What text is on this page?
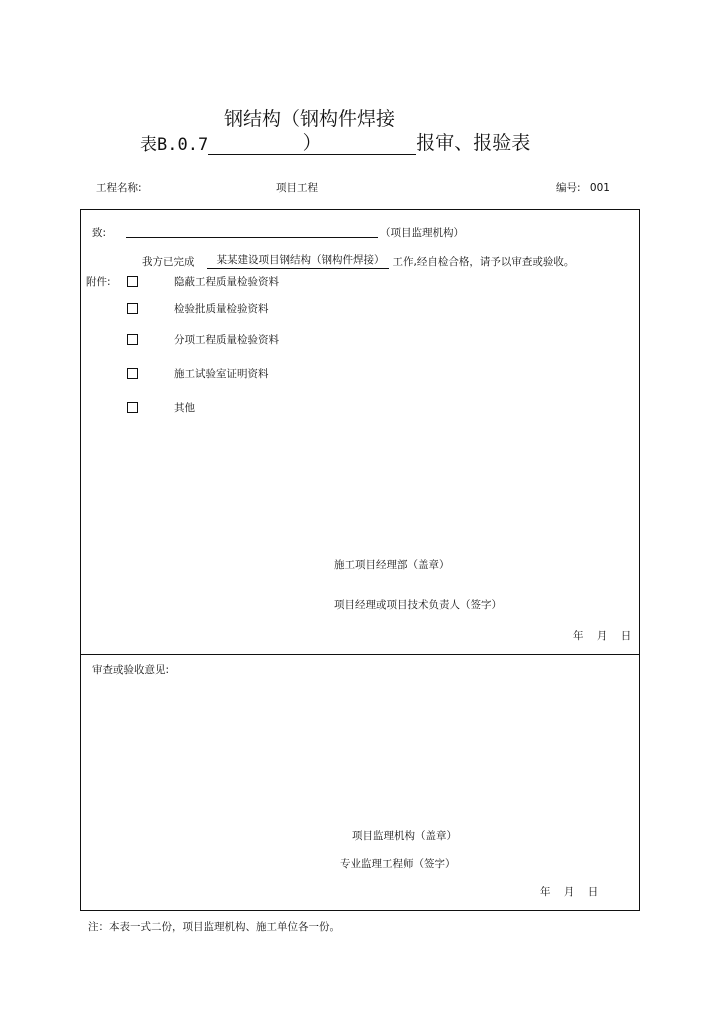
钢结构（钢构件焊接
表B.0.7	）	报审、报验表
工程名称:	项目工程	编号: 001
致:	（项目监理机构）
我方已完成	某某建设项目钢结构（钢构件焊接） 工作,经自检合格，请予以审查或验收。
附件:	隐蔽工程质量检验资料
检验批质量检验资料
分项工程质量检验资料
施工试验室证明资料
其他
施工项目经理部（盖章）
项目经理或项目技术负责人（签字）
年    月    日
审查或验收意见:
项目监理机构（盖章）
专业监理工程师（签字）
年    月    日
注：本表一式二份，项目监理机构、施工单位各一份。
